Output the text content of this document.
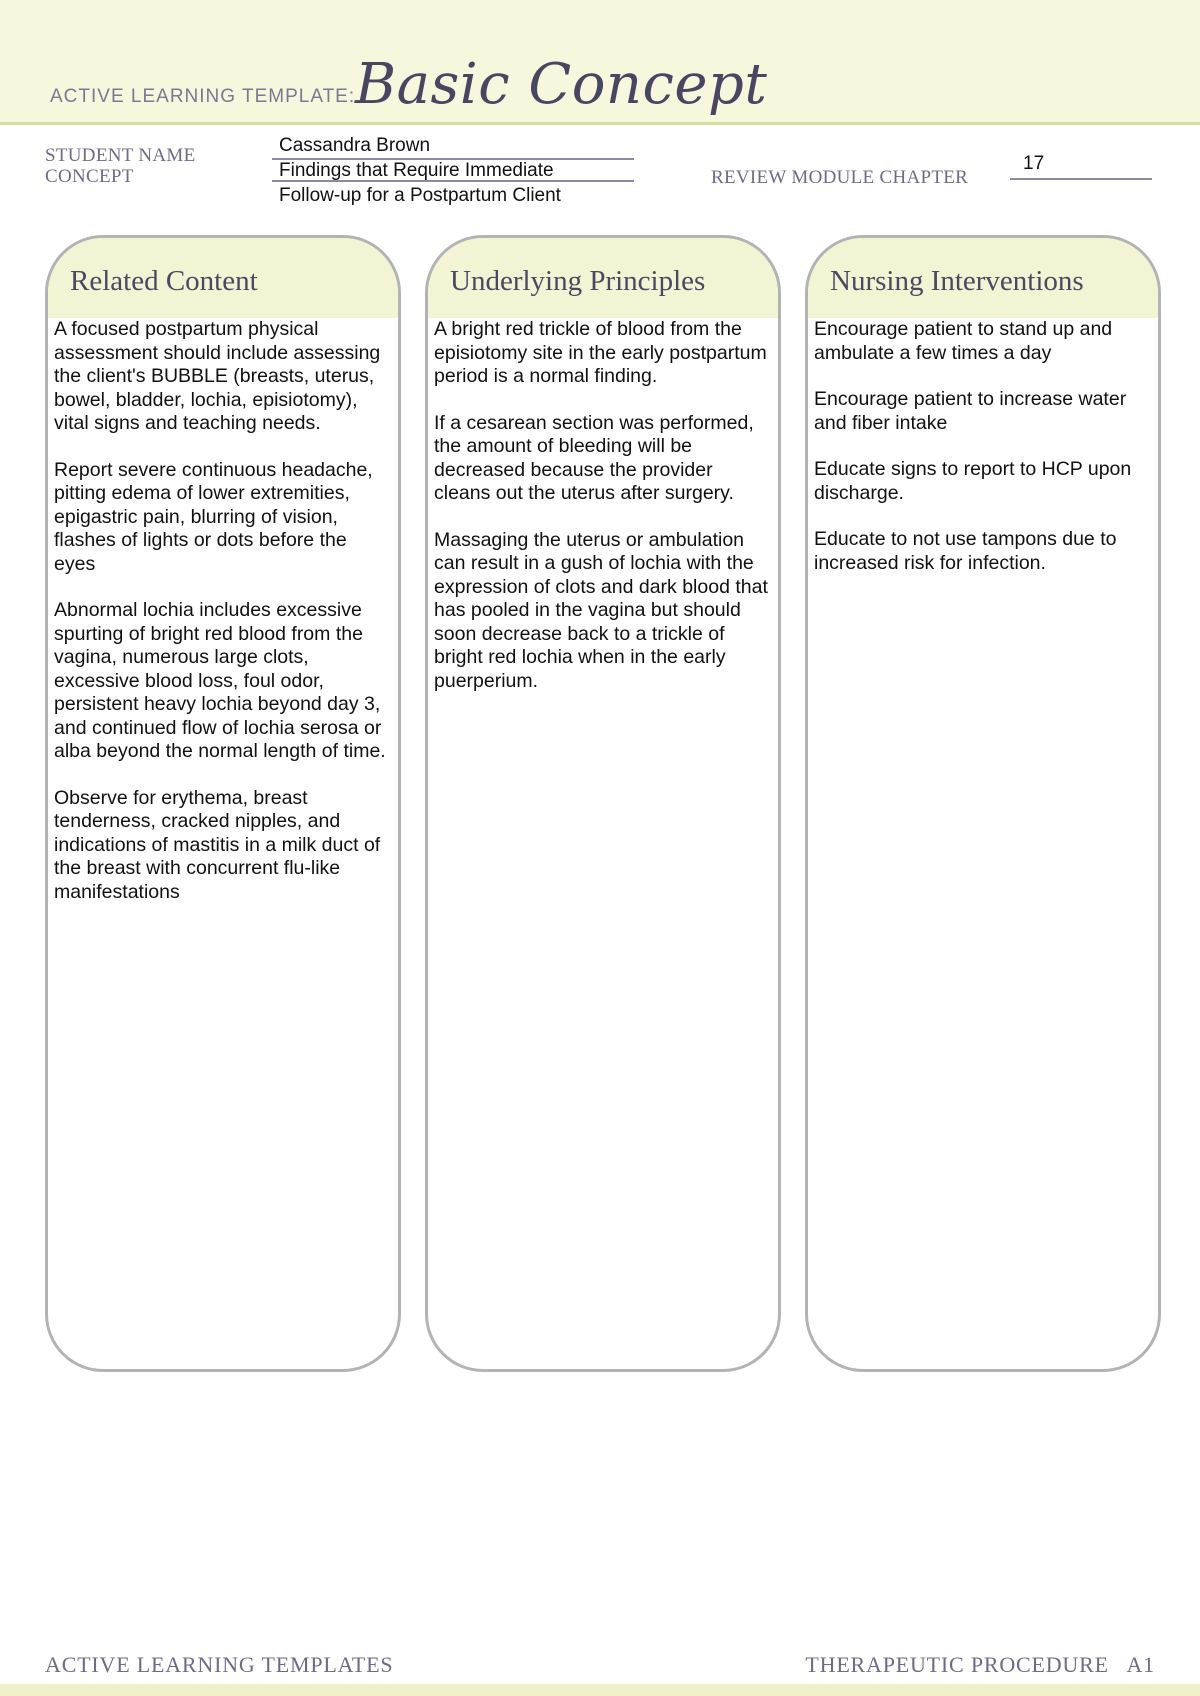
ACTIVE LEARNING TEMPLATE: Basic Concept
STUDENT NAME	Cassandra Brown
CONCEPT	Findings that Require Immediate
Follow-up for a Postpartum Client
REVIEW MODULE CHAPTER
17
Related Content

A focused postpartum physical assessment should include assessing the client's BUBBLE (breasts, uterus, bowel, bladder, lochia, episiotomy), vital signs and teaching needs.

Report severe continuous headache, pitting edema of lower extremities, epigastric pain, blurring of vision, flashes of lights or dots before the eyes

Abnormal lochia includes excessive spurting of bright red blood from the vagina, numerous large clots, excessive blood loss, foul odor, persistent heavy lochia beyond day 3, and continued flow of lochia serosa or alba beyond the normal length of time.

Observe for erythema, breast tenderness, cracked nipples, and indications of mastitis in a milk duct of the breast with concurrent flu-like manifestations

Underlying Principles

A bright red trickle of blood from the episiotomy site in the early postpartum period is a normal finding.

If a cesarean section was performed, the amount of bleeding will be decreased because the provider cleans out the uterus after surgery.

Massaging the uterus or ambulation can result in a gush of lochia with the expression of clots and dark blood that has pooled in the vagina but should soon decrease back to a trickle of bright red lochia when in the early puerperium.

Nursing Interventions

Encourage patient to stand up and ambulate a few times a day

Encourage patient to increase water and fiber intake

Educate signs to report to HCP upon discharge.

Educate to not use tampons due to increased risk for infection.

ACTIVE LEARNING TEMPLATES	THERAPEUTIC PROCEDURE   A1
